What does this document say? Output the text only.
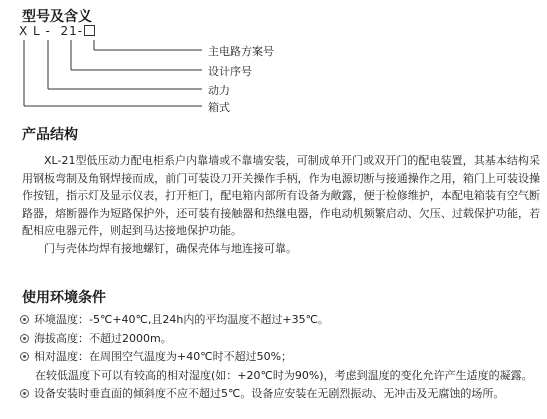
型号及含义
X L -  21-
主电路方案号
设计序号
动力
箱式
产品结构

XL-21型低压动力配电柜系户内靠墙或不靠墙安装，可制成单开门或双开门的配电装置，其基本结构采用钢板弯制及角钢焊接而成，前门可装设刀开关操作手柄，作为电源切断与接通操作之用，箱门上可装设操作按钮，指示灯及显示仪表，打开柜门，配电箱内部所有设备为敞露，便于检修维护，本配电箱装有空气断路器，熔断器作为短路保护外，还可装有接触器和热继电器，作电动机频繁启动、欠压、过载保护功能，若配相应电器元件，则起到马达接地保护功能。

门与壳体均焊有接地螺钉，确保壳体与地连接可靠。

使用环境条件
环境温度：-5℃+40℃,且24h内的平均温度不超过+35℃。
海拔高度：不超过2000m。
相对温度：在周围空气温度为+40℃时不超过50%；
在较低温度下可以有较高的相对湿度(如：+20℃时为90%)，考虑到温度的变化允许产生适度的凝露。
设备安装时垂直面的倾斜度不应不超过5℃。设备应安装在无剧烈振动、无冲击及无腐蚀的场所。
